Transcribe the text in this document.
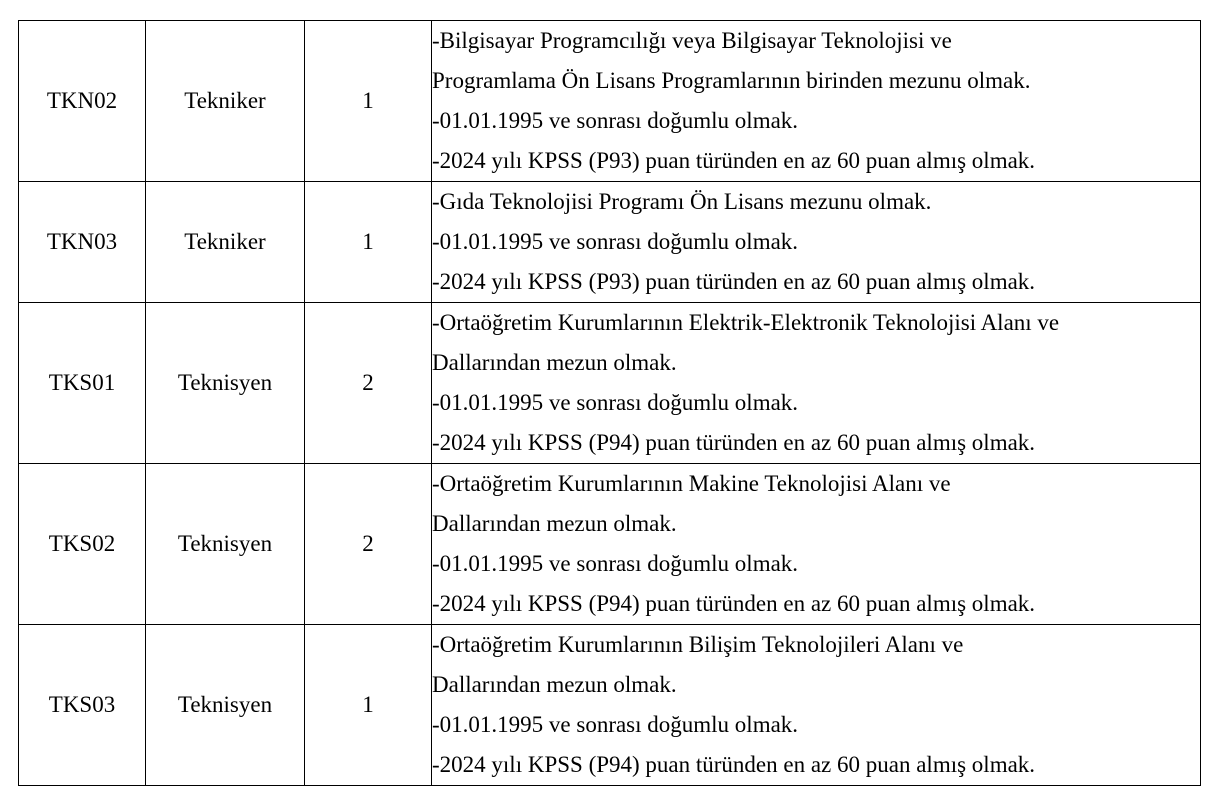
TKN02	Tekniker	1	-Bilgisayar Programcılığı veya Bilgisayar Teknolojisi ve
Programlama Ön Lisans Programlarının birinden mezunu olmak.
-01.01.1995 ve sonrası doğumlu olmak.
-2024 yılı KPSS (P93) puan türünden en az 60 puan almış olmak.

TKN03	Tekniker	1	-Gıda Teknolojisi Programı Ön Lisans mezunu olmak.
-01.01.1995 ve sonrası doğumlu olmak.
-2024 yılı KPSS (P93) puan türünden en az 60 puan almış olmak.

TKS01	Teknisyen	2	-Ortaöğretim Kurumlarının Elektrik-Elektronik Teknolojisi Alanı ve
Dallarından mezun olmak.
-01.01.1995 ve sonrası doğumlu olmak.
-2024 yılı KPSS (P94) puan türünden en az 60 puan almış olmak.

TKS02	Teknisyen	2	-Ortaöğretim Kurumlarının Makine Teknolojisi Alanı ve
Dallarından mezun olmak.
-01.01.1995 ve sonrası doğumlu olmak.
-2024 yılı KPSS (P94) puan türünden en az 60 puan almış olmak.

TKS03	Teknisyen	1	-Ortaöğretim Kurumlarının Bilişim Teknolojileri Alanı ve
Dallarından mezun olmak.
-01.01.1995 ve sonrası doğumlu olmak.
-2024 yılı KPSS (P94) puan türünden en az 60 puan almış olmak.
